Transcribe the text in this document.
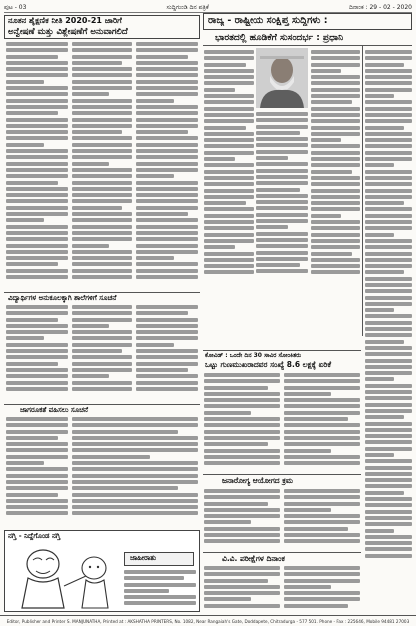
ಪುಟ - 03	ಸುದ್ದಿಗುಂಡಿ ದಿನ ಪತ್ರಿಕೆ	ದಿನಾಂಕ : 29 - 02 - 2020
ನೂತನ ಶೈಕ್ಷಣಿಕ ನೀತಿ 2020-21 ಜಾರಿಗೆ
ಅನ್ವೇಷಣೆ ಮತ್ತು ವಿಶ್ಲೇಷಣೆಗೆ ಅನುವಾಗಲಿದೆ
ರಾಜ್ಯ - ರಾಷ್ಟ್ರೀಯ ಸಂಕ್ಷಿಪ್ತ ಸುದ್ದಿಗಳು :
ಭಾರತದಲ್ಲಿ ಹೂಡಿಕೆಗೆ ಸುಸಂದರ್ಭ : ಪ್ರಧಾನಿ
ಕೋವಿಡ್ : ಒಂದೇ ದಿನ 30 ಸಾವಿರ ಸೋಂಕಿತರು
ಒಟ್ಟು ಗುಣಮುಖರಾದವರ ಸಂಖ್ಯೆ 8.6 ಲಕ್ಷಕ್ಕೆ ಏರಿಕೆ
ವಿದ್ಯಾರ್ಥಿಗಳ ಅನುಕೂಲಕ್ಕಾಗಿ ಶಾಲೆಗಳಿಗೆ ಸೂಚನೆ
ಜಾಗರೂಕತೆ ವಹಿಸಲು ಸೂಚನೆ
ಜನಾರೋಗ್ಯ ಆಯೋಗದ ಕ್ರಮ
ವಿ.ವಿ. ಪರೀಕ್ಷೆಗಳ ದಿನಾಂಕ
ನಗ್ತಿ - ನಿದ್ದೆಗೊಂಡ ನಗ್ತಿ
ಜಾಹೀರಾತು
Editor, Publisher and Printer S. MANJUNATHA, Printed at : AKSHATHA PRINTERS, No. 1082, Near Rangaiah's Gate, Doddapete, Chitradurga - 577 501. Phone - Fax : 225646, Mobile 94481 27003
